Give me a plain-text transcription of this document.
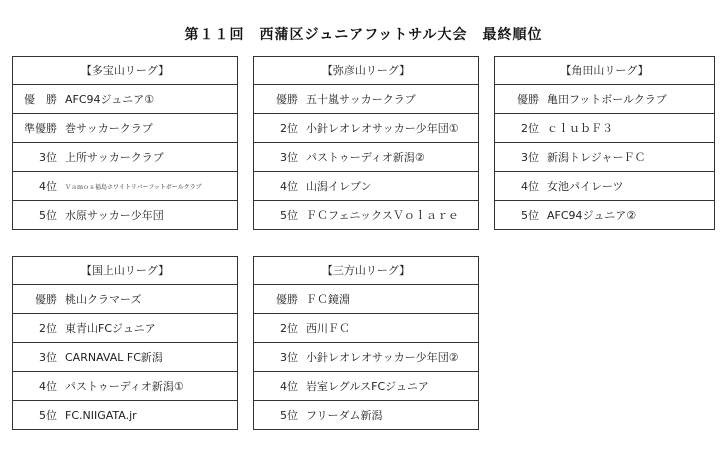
第１１回　西蒲区ジュニアフットサル大会　最終順位
【多宝山リーグ】
優　勝 AFC94ジュニア①
準優勝 巻サッカークラブ
3位 上所サッカークラブ
4位	Ｖａｍｏｓ福島ホワイトリバーフットボールクラブ
5位 水原サッカー少年団
【弥彦山リーグ】
優勝 五十嵐サッカークラブ
2位 小針レオレオサッカー少年団①
3位 パストゥーディオ新潟②
4位 山潟イレブン
5位 ＦＣフェニックスＶｏｌａｒｅ
【角田山リーグ】
優勝 亀田フットボールクラブ
2位 ｃｌｕｂＦ３
3位 新潟トレジャーＦＣ
4位 女池パイレーツ
5位 AFC94ジュニア②
【国上山リーグ】
優勝 桃山クラマーズ
2位 東青山FCジュニア
3位 CARNAVAL FC新潟
4位 パストゥーディオ新潟①
5位 FC.NIIGATA.jr
【三方山リーグ】
優勝 ＦＣ鏡淵
2位 西川ＦＣ
3位 小針レオレオサッカー少年団②
4位 岩室レグルスFCジュニア
5位 フリーダム新潟
